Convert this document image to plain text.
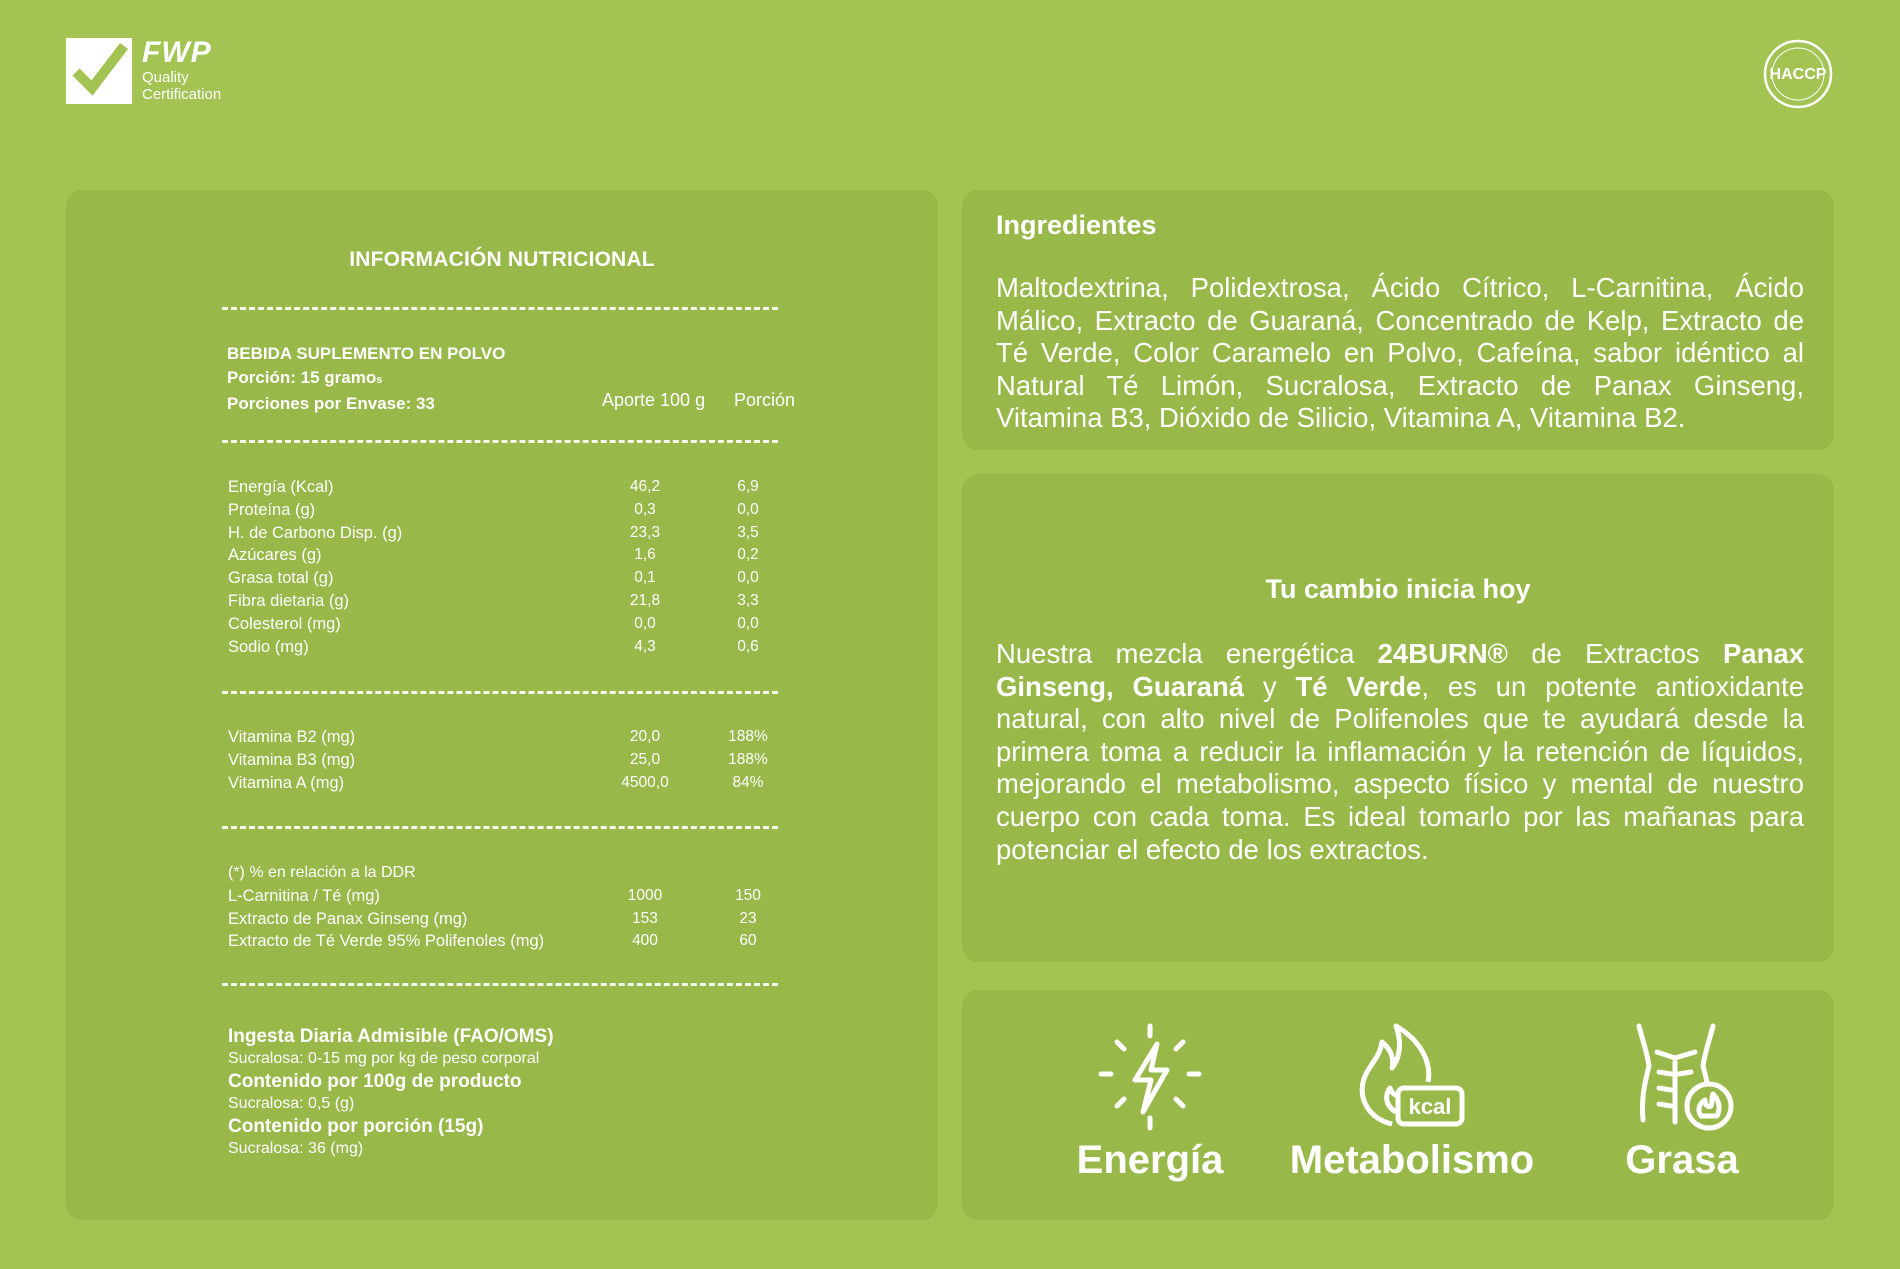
FWP
Quality
Certification
HACCP
INFORMACIÓN NUTRICIONAL
BEBIDA SUPLEMENTO EN POLVO
Porción: 15 gramos
Porciones por Envase: 33	Aporte 100 g Porción
Energía (Kcal)	46,2	6,9
Proteína (g)	0,3	0,0
H. de Carbono Disp. (g)	23,3	3,5
Azúcares (g)	1,6	0,2
Grasa total (g)	0,1	0,0
Fibra dietaria (g)	21,8	3,3
Colesterol (mg)	0,0	0,0
Sodio (mg)	4,3	0,6
Vitamina B2 (mg)	20,0	188%
Vitamina B3 (mg)	25,0	188%
Vitamina A (mg)	4500,0	84%
(*) % en relación a la DDR
L-Carnitina / Té (mg)	1000	150
Extracto de Panax Ginseng (mg)	153	23
Extracto de Té Verde 95% Polifenoles (mg)	400	60
Ingesta Diaria Admisible (FAO/OMS)
Sucralosa: 0-15 mg por kg de peso corporal
Contenido por 100g de producto
Sucralosa: 0,5 (g)
Contenido por porción (15g)
Sucralosa: 36 (mg)
Ingredientes
Maltodextrina, Polidextrosa, Ácido Cítrico, L-Carnitina, Ácido Málico, Extracto de Guaraná, Concentrado de Kelp, Extracto de Té Verde, Color Caramelo en Polvo, Cafeína, sabor idéntico al Natural Té Limón, Sucralosa, Extracto de Panax Ginseng, Vitamina B3, Dióxido de Silicio, Vitamina A, Vitamina B2.
Tu cambio inicia hoy
Nuestra mezcla energética 24BURN® de Extractos Panax Ginseng, Guaraná y Té Verde, es un potente antioxidante natural, con alto nivel de Polifenoles que te ayudará desde la primera toma a reducir la inflamación y la retención de líquidos, mejorando el metabolismo, aspecto físico y mental de nuestro cuerpo con cada toma. Es ideal tomarlo por las mañanas para potenciar el efecto de los extractos.
Energía
kcal
Metabolismo Grasa
